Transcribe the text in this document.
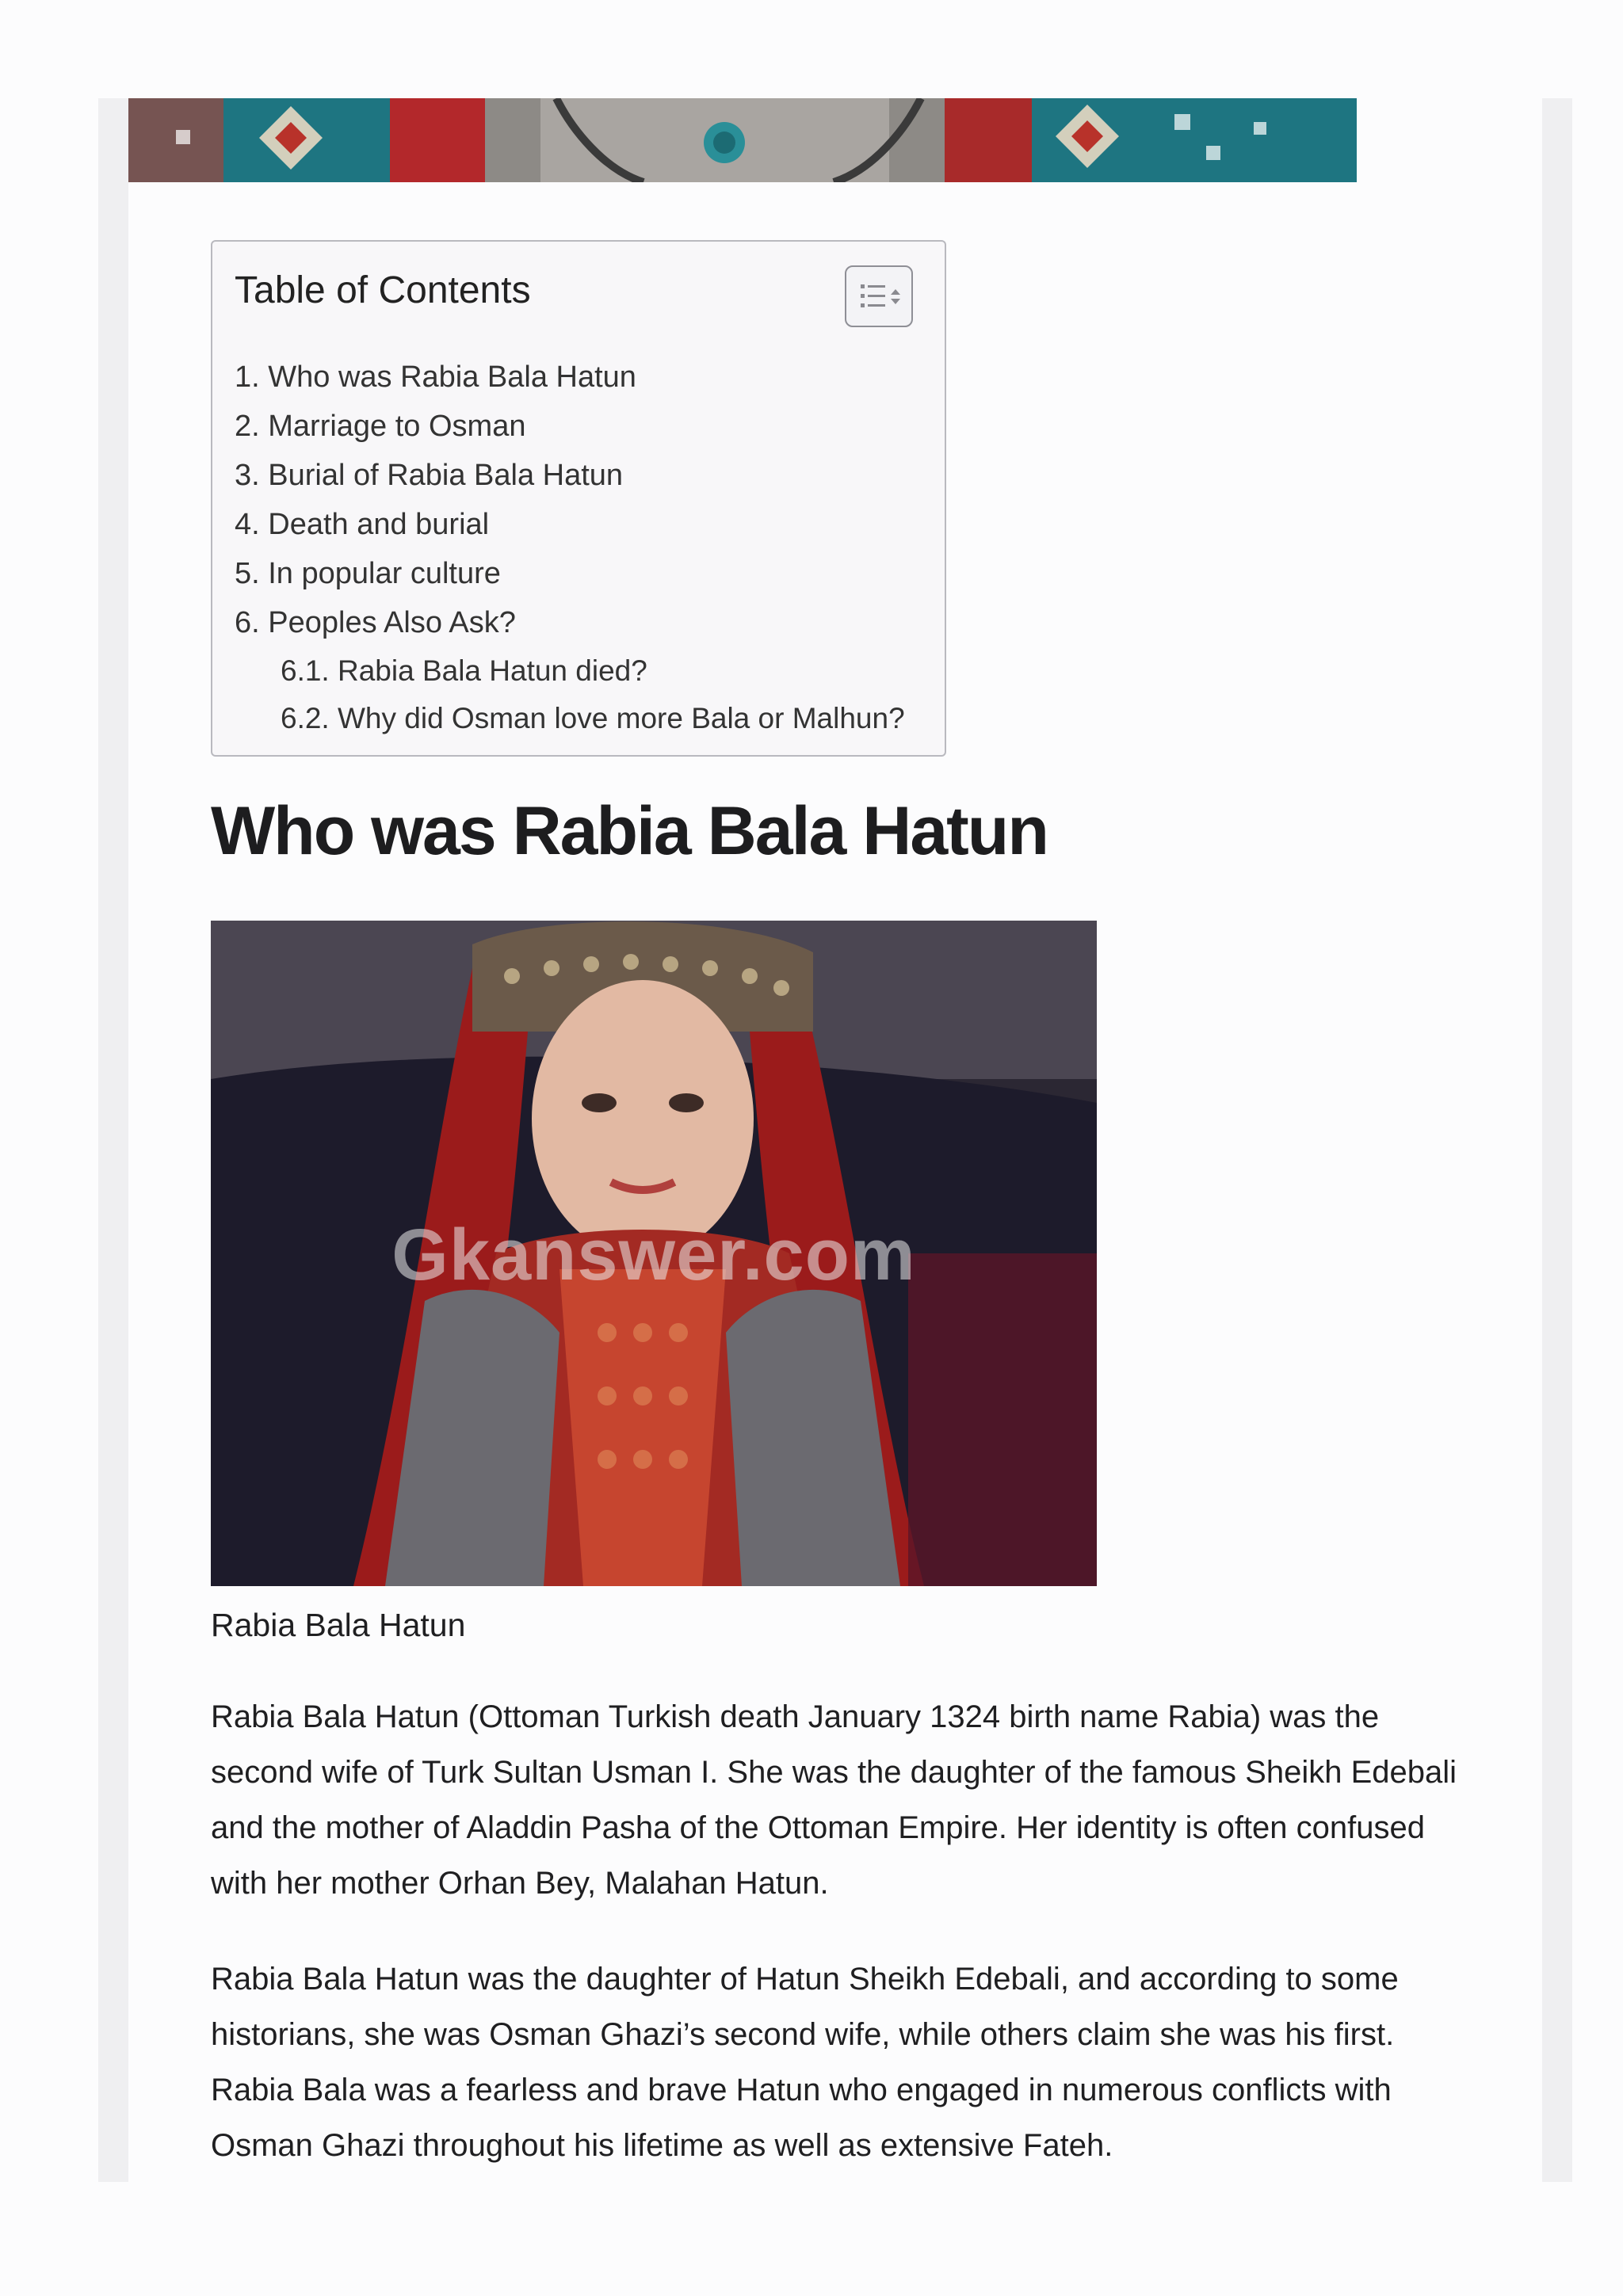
Table of Contents
1. Who was Rabia Bala Hatun
2. Marriage to Osman
3. Burial of Rabia Bala Hatun
4. Death and burial
5. In popular culture
6. Peoples Also Ask?
6.1. Rabia Bala Hatun died?
6.2. Why did Osman love more Bala or Malhun?
Who was Rabia Bala Hatun
Gkanswer.com
Rabia Bala Hatun

Rabia Bala Hatun (Ottoman Turkish death January 1324 birth name Rabia) was the second wife of Turk Sultan Usman I. She was the daughter of the famous Sheikh Edebali and the mother of Aladdin Pasha of the Ottoman Empire. Her identity is often confused with her mother Orhan Bey, Malahan Hatun.

Rabia Bala Hatun was the daughter of Hatun Sheikh Edebali, and according to some historians, she was Osman Ghazi’s second wife, while others claim she was his first. Rabia Bala was a fearless and brave Hatun who engaged in numerous conflicts with Osman Ghazi throughout his lifetime as well as extensive Fateh.
